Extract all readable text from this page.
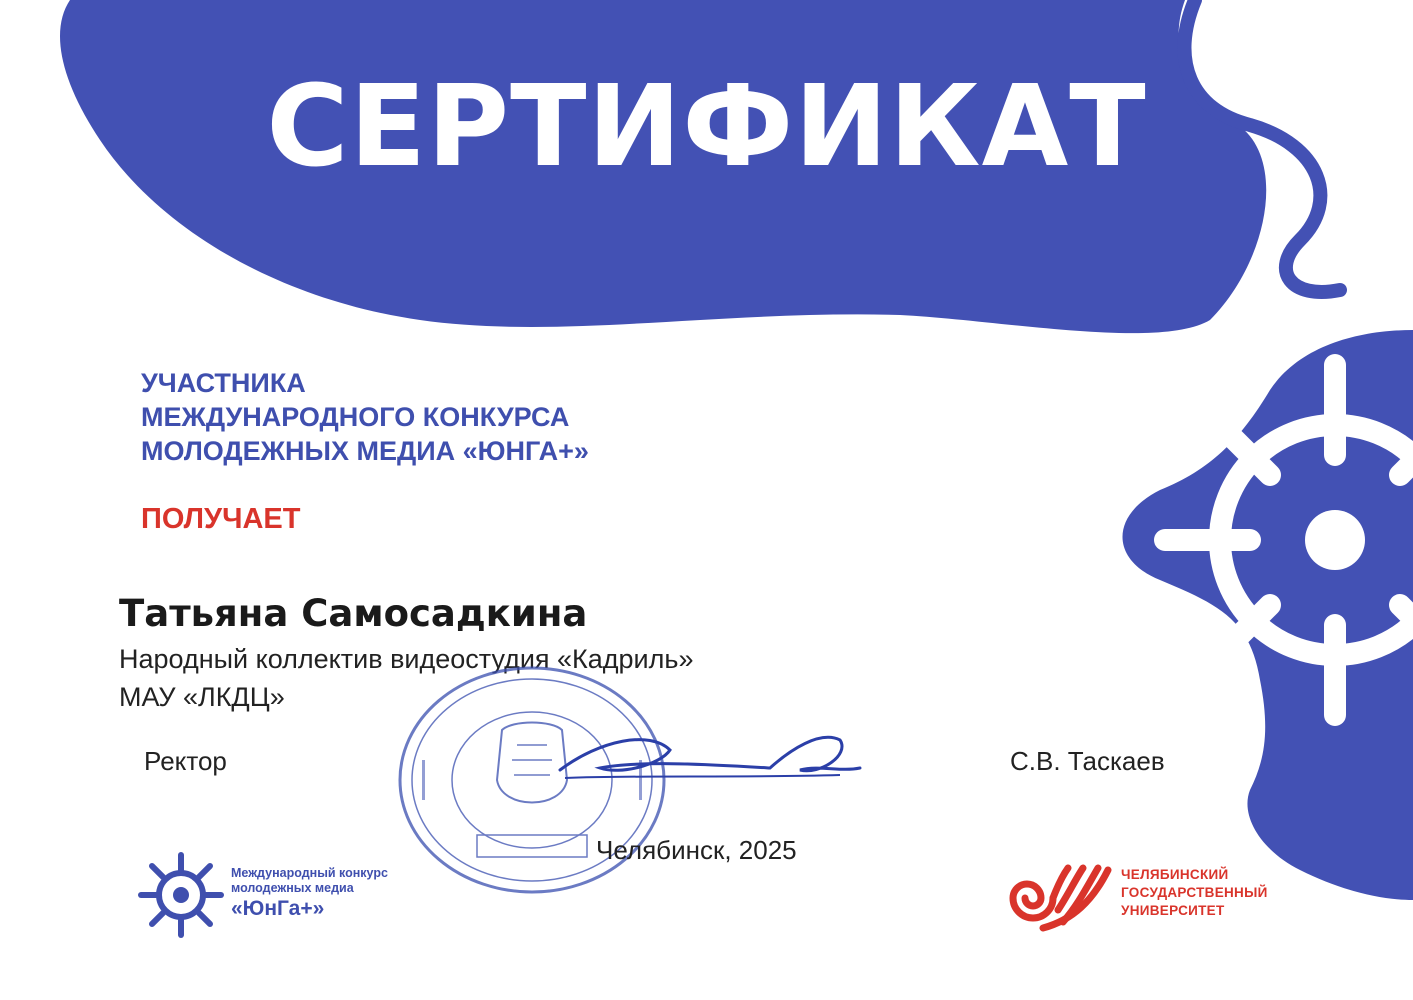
СЕРТИФИКАТ
УЧАСТНИКА
МЕЖДУНАРОДНОГО КОНКУРСА
МОЛОДЕЖНЫХ МЕДИА «ЮНГА+»
ПОЛУЧАЕТ
Татьяна Самосадкина
Народный коллектив видеостудия «Кадриль»
МАУ «ЛКДЦ»
Ректор	С.В. Таскаев
Челябинск, 2025
Международный конкурс
молодежных медиа
«ЮнГа+»
ЧЕЛЯБИНСКИЙ
ГОСУДАРСТВЕННЫЙ
УНИВЕРСИТЕТ
